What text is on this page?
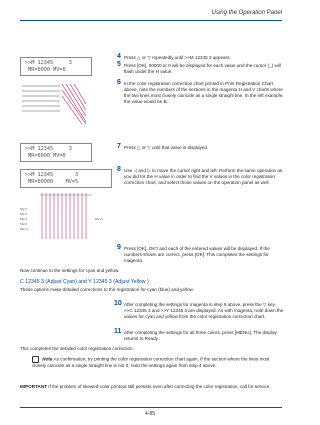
Using the Operation Panel
>>M 12345     3
MR=0000 MV=0
>>M 12345     3
MR=0000 MV=0
>>M 12345       3
MR=00000    MV=5
MV-3
MV-2
MV-1
MV-0
MV+1
MV+5
4 Press △ or ▽ repeatedly until >>M 12345 3 appears.

5 Press [OK]. 00000 or 0 will be displayed for each value and the cursor (_) will flash under the H value.

6 In the color registration correction chart printed in Print Registration Chart above, note the numbers of the sections in the magenta H and V charts where the two lines most closely coincide as a single straight line. In the left example, the value would be B.

7 Press △ or ▽ until that value is displayed.

8 Use ◁ and ▷ to move the cursor right and left. Perform the same operation as you did for the H value in order to find the V values in the color registration correction chart, and select those values on the operation panel as well.

9 Press [OK]. OK? and each of the entered values will be displayed. If the numbers shown are correct, press [OK]. This completes the settings for magenta.

Now continue to the settings for cyan and yellow.
C 12345 3 (Adjust Cyan) and Y 12345 3 (Adjust Yellow )
These options make detailed corrections to the registration for cyan (blue) and yellow.
10 After completing the settings for magenta in step 9 above, press the ▽ key. >>C 12345 3 and >>Y 12345 3 are displayed. As with magenta, note down the values for cyan and yellow from the color registration correction chart.

11 After completing the settings for all three colors, press [MENU]. The display returns to Ready.

This completes the detailed color registration correction.
Note As confirmation, try printing the color registration correction chart again. If the section where the lines most closely coincide as a single straight line is not 0, redo the settings again from step 4 above.
IMPORTANT If the problem of skewed-color printout still persists even after correcting the color registration, call for service.
4-85
